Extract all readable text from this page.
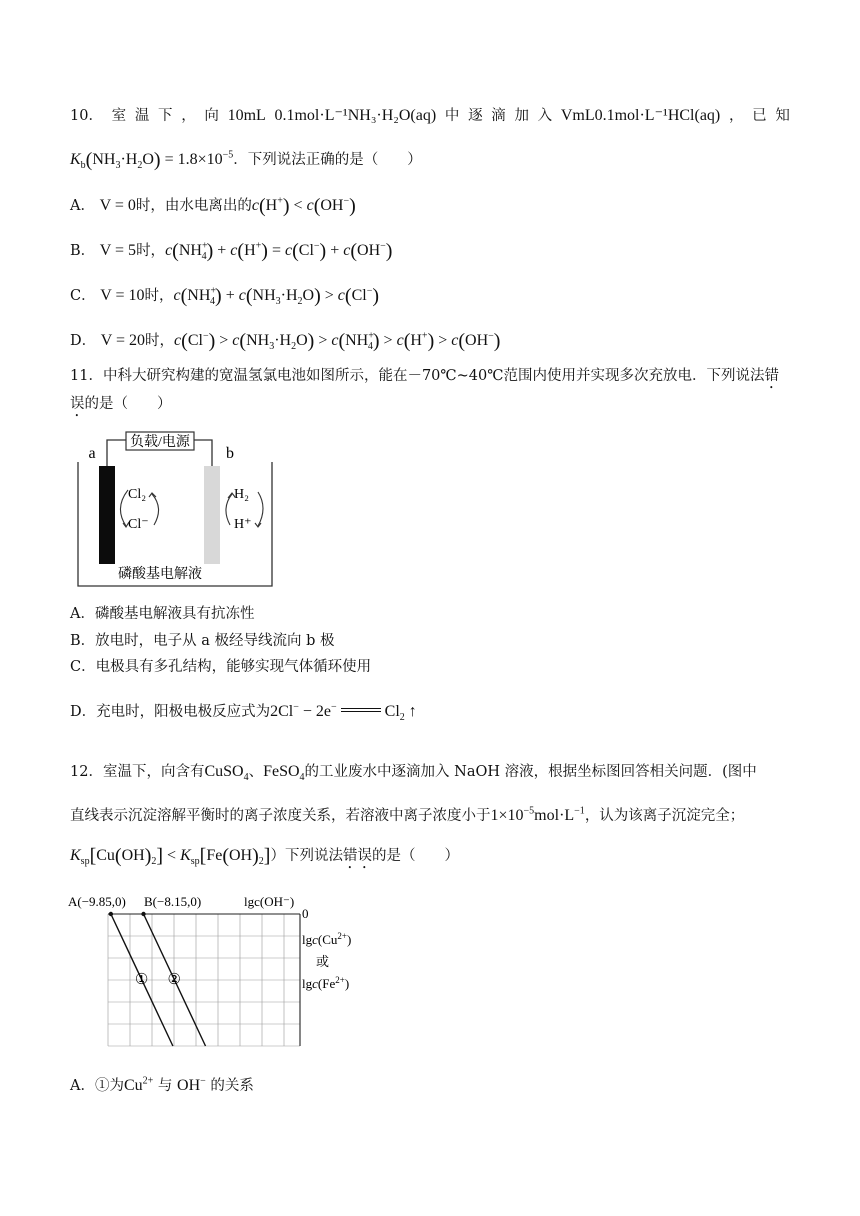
10． 室 温 下 ， 向 10mL 0.1mol·L⁻¹NH₃·H₂O(aq) 中 逐 滴 加 入 VmL0.1mol·L⁻¹HCl(aq) ， 已 知
$K_b(NH_3\cdot H_2O) = 1.8\times 10^{-5}$．下列说法正确的是（　　）
A． V = 0时，由水电离出的c(H+) < c(OH−)
B． V = 5时，$c(NH^+_4) + c(H^+) = c(Cl^-) + c(OH^-)$
C． V = 10时，$c(NH^+_4) + c(NH_3\cdot H_2O) > c(Cl^-)$
D． V = 20时，$c(Cl^-) > c(NH_3\cdot H_2O) > c(NH^+_4) > c(H^+) > c(OH^-)$
11．中科大研究构建的宽温氢氯电池如图所示，能在－70℃~40℃范围内使用并实现多次充放电．下列说法错
误的是（　　）
负载/电源
a	b
Cl₂
Cl⁻
H₂
H⁺
磷酸基电解液
A．磷酸基电解液具有抗冻性
B．放电时，电子从 a 极经导线流向 b 极
C．电极具有多孔结构，能够实现气体循环使用
D．充电时，阳极电极反应式为2Cl− − 2e−	$Cl_2$ ↑
12．室温下，向含有CuSO$_4$、FeSO$_4$的工业废水中逐滴加入 NaOH 溶液，根据坐标图回答相关问题．(图中
直线表示沉淀溶解平衡时的离子浓度关系，若溶液中离子浓度小于$1\times 10^{-5}mol\cdot L^{-1}$，认为该离子沉淀完全；
$K_{sp}[Cu(OH)_2] < K_{sp}[Fe(OH)_2]$）下列说法错误的是（　　）
A(−9.85,0) B(−8.15,0)	lgc(OH⁻)
0
$\lg c(Cu^{2+})$
或
$\lg c(Fe^{2+})$
① ②
A．①为$Cu^{2+}$ 与 OH− 的关系
